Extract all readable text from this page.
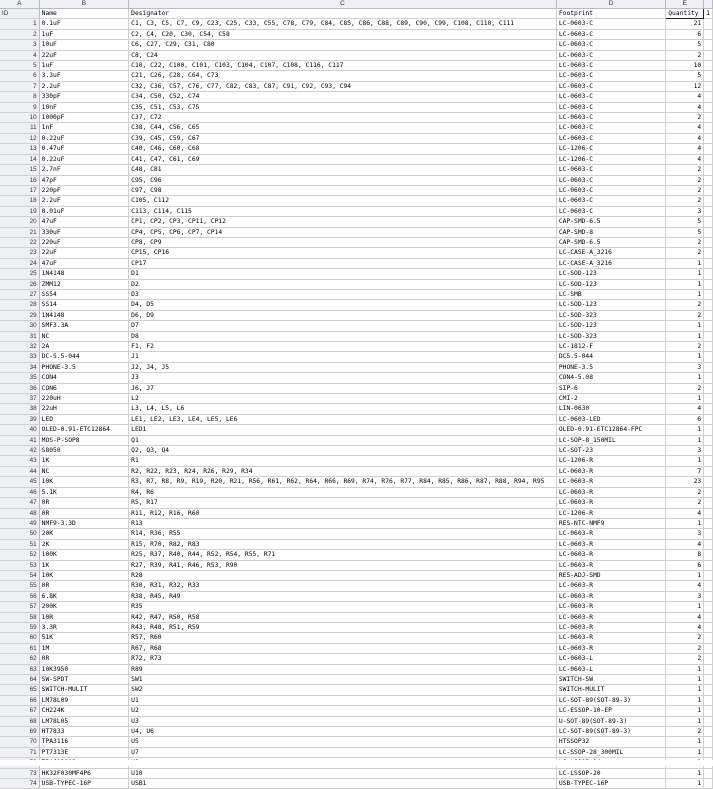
A	B	C	D	E	
ID	Name	Designator	Footprint	Quantity	1
1	0.1uF	C1, C3, C5, C7, C9, C23, C25, C33, C55, C78, C79, C84, C85, C86, C88, C89, C90, C99, C108, C110, C111	LC-0603-C	21	
2	1uF	C2, C4, C20, C30, C54, C58	LC-0603-C	6	
3	10uF	C6, C27, C29, C31, C80	LC-0603-C	5	
4	22uF	C8, C24	LC-0603-C	2	
5	1uF	C10, C22, C100, C101, C103, C104, C107, C108, C116, C117	LC-0603-C	10	
6	3.3uF	C21, C26, C28, C64, C73	LC-0603-C	5	
7	2.2uF	C32, C36, C57, C76, C77, C82, C83, C87, C91, C92, C93, C94	LC-0603-C	12	
8	330pF	C34, C50, C52, C74	LC-0603-C	4	
9	10nF	C35, C51, C53, C75	LC-0603-C	4	
10	1000pF	C37, C72	LC-0603-C	2	
11	1nF	C38, C44, C56, C65	LC-0603-C	4	
12	0.22uF	C39, C45, C59, C67	LC-0603-C	4	
13	0.47uF	C40, C46, C60, C68	LC-1206-C	4	
14	0.22uF	C41, C47, C61, C69	LC-1206-C	4	
15	2.7nF	C48, C81	LC-0603-C	2	
16	47pF	C95, C96	LC-0603-C	2	
17	220pF	C97, C98	LC-0603-C	2	
18	2.2uF	C105, C112	LC-0603-C	2	
19	0.01uF	C113, C114, C115	LC-0603-C	3	
20	47uF	CP1, CP2, CP3, CP11, CP12	CAP-SMD-6.5	5	
21	330uF	CP4, CP5, CP6, CP7, CP14	CAP-SMD-8	5	
22	220uF	CP8, CP9	CAP-SMD-6.5	2	
23	22uF	CP15, CP16	LC-CASE-A_3216	2	
24	47uF	CP17	LC-CASE-A_3216	1	
25	1N4148	D1	LC-SOD-123	1	
26	ZMM12	D2	LC-SOD-123	1	
27	SS54	D3	LC-SMB	1	
28	SS14	D4, D5	LC-SOD-123	2	
29	1N4148	D6, D9	LC-SOD-323	2	
30	SMF3.3A	D7	LC-SOD-123	1	
31	NC	D8	LC-SOD-323	1	
32	2A	F1, F2	LC-1812-F	2	
33	DC-5.5-044	J1	DC5.5-044	1	
34	PHONE-3.5	J2, J4, J5	PHONE-3.5	3	
35	CON4	J3	CON4-5.08	1	
36	CON6	J6, J7	SIP-6	2	
37	220uH	L2	CMI-2	1	
38	22uH	L3, L4, L5, L6	LIN-0630	4	
39	LED	LE1, LE2, LE3, LE4, LE5, LE6	LC-0603-LED	6	
40	OLED-0.91-ETC12864	LED1	OLED-0.91-ETC12864-FPC	1	
41	MOS-P-SOP8	Q1	LC-SOP-8_150MIL	1	
42	S8050	Q2, Q3, Q4	LC-SOT-23	3	
43	1K	R1	LC-1206-R	1	
44	NC	R2, R22, R23, R24, R26, R29, R34	LC-0603-R	7	
45	10K	R3, R7, R8, R9, R19, R20, R21, R56, R61, R62, R64, R66, R69, R74, R76, R77, R84, R85, R86, R87, R88, R94, R95	LC-0603-R	23	
46	5.1K	R4, R6	LC-0603-R	2	
47	0R	R5, R17	LC-0603-R	2	
48	0R	R11, R12, R16, R60	LC-1206-R	4	
49	NMF9-3.3D	R13	RES-NTC-NMF9	1	
50	20K	R14, R36, R55	LC-0603-R	3	
51	2K	R15, R70, R82, R83	LC-0603-R	4	
52	100K	R25, R37, R40, R44, R52, R54, R55, R71	LC-0603-R	8	
53	1K	R27, R39, R41, R46, R53, R90	LC-0603-R	6	
54	10K	R28	RES-ADJ-SMD	1	
55	0R	R30, R31, R32, R33	LC-0603-R	4	
56	6.8K	R38, R45, R49	LC-0603-R	3	
57	200K	R35	LC-0603-R	1	
58	10R	R42, R47, R50, R58	LC-0603-R	4	
59	3.3R	R43, R48, R51, R59	LC-0603-R	4	
60	51K	R57, R60	LC-0603-R	2	
61	1M	R67, R68	LC-0603-R	2	
62	0R	R72, R73	LC-0603-L	2	
63	10K3950	R89	LC-0603-L	1	
64	SW-SPDT	SW1	SWITCH-SW	1	
65	SWITCH-MULIT	SW2	SWITCH-MULIT	1	
66	LM78L09	U1	LC-SOT-89(SOT-89-3)	1	
67	CH224K	U2	LC-ESSOP-10-EP	1	
68	LM78L05	U3	U-SOT-89(SOT-89-3)	1	
69	HT7833	U4, U6	LC-SOT-89(SOT-89-3)	2	
70	TPA3116	U5	HTSSOP32	1	
71	PT7313E	U7	LC-SSOP-28_300MIL	1	

73	HK32F030MF4P6	U10	LC-LSSOP-20	1	
74	USB-TYPEC-16P	USB1	USB-TYPEC-16P	1	
